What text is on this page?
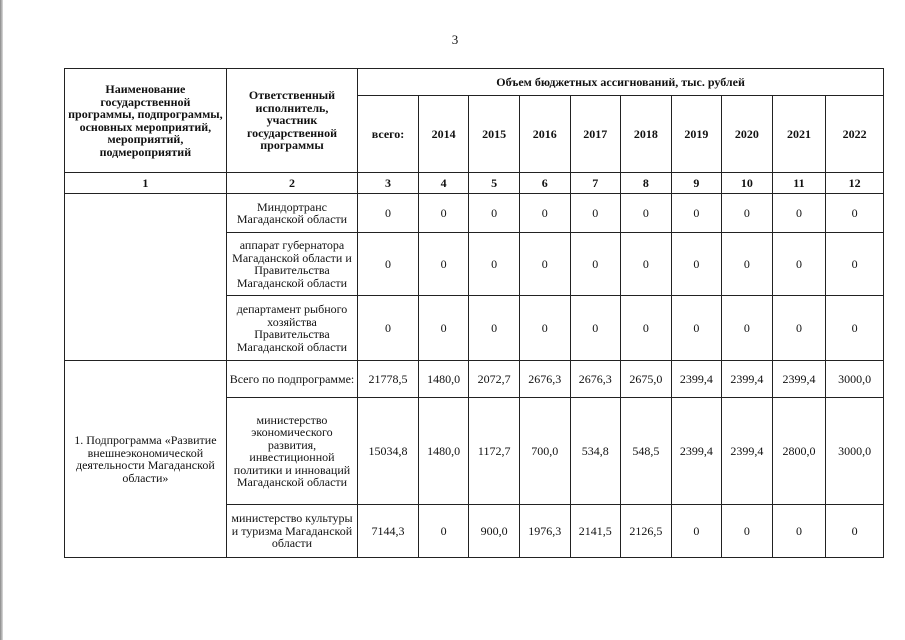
3
Наименование государственной программы, подпрограммы, основных мероприятий, мероприятий, подмероприятий	Ответственный исполнитель, участник государственной программы	Объем бюджетных ассигнований, тыс. рублей									
		всего:	2014	2015	2016	2017	2018	2019	2020	2021	2022
1	2	3	4	5	6	7	8	9	10	11	12
	Миндортранс Магаданской области	0	0	0	0	0	0	0	0	0	0
	аппарат губернатора Магаданской области и Правительства Магаданской области	0	0	0	0	0	0	0	0	0	0
	департамент рыбного хозяйства Правительства Магаданской области	0	0	0	0	0	0	0	0	0	0
1. Подпрограмма «Развитие внешнеэкономической деятельности Магаданской области»	Всего по подпрограмме:	21778,5	1480,0	2072,7	2676,3	2676,3	2675,0	2399,4	2399,4	2399,4	3000,0
	министерство экономического развития, инвестиционной политики и инноваций Магаданской области	15034,8	1480,0	1172,7	700,0	534,8	548,5	2399,4	2399,4	2800,0	3000,0
	министерство культуры и туризма Магаданской области	7144,3	0	900,0	1976,3	2141,5	2126,5	0	0	0	0
